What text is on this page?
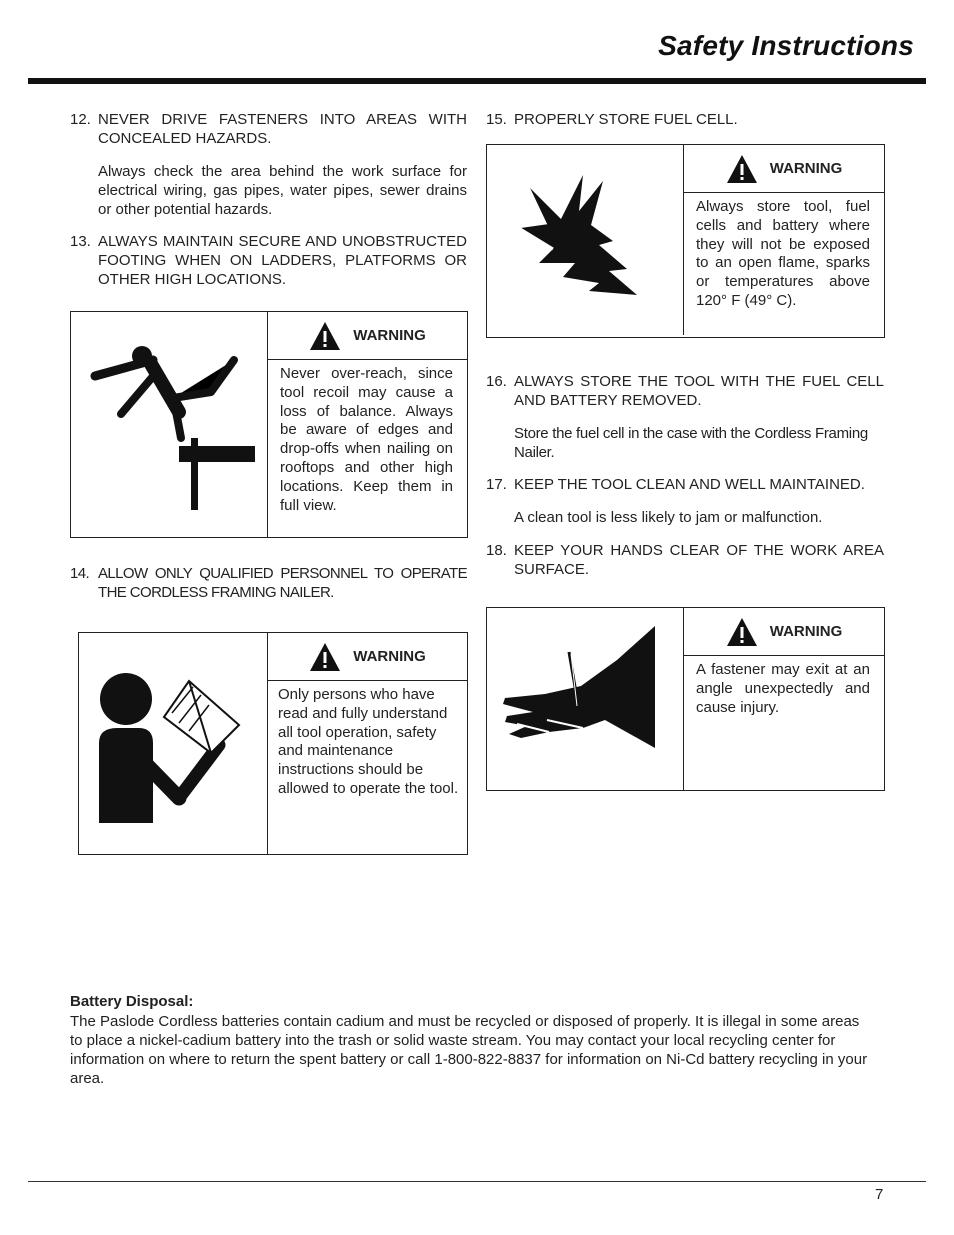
Safety Instructions
12. NEVER DRIVE FASTENERS INTO AREAS WITH CONCEALED HAZARDS.

Always check the area behind the work surface for electrical wiring, gas pipes, water pipes, sewer drains or other potential hazards.

13. ALWAYS MAINTAIN SECURE AND UNOBSTRUCTED FOOTING WHEN ON LADDERS, PLATFORMS OR OTHER HIGH LOCATIONS.
WARNING
Never over-reach, since tool recoil may cause a loss of balance. Always be aware of edges and drop-offs when nailing on rooftops and other high locations. Keep them in full view.
14. ALLOW ONLY QUALIFIED PERSONNEL TO OPERATE THE CORDLESS FRAMING NAILER.
WARNING
Only persons who have read and fully understand all tool operation, safety and maintenance instructions should be allowed to operate the tool.
15. PROPERLY STORE FUEL CELL.
WARNING
Always store tool, fuel cells and battery where they will not be exposed to an open flame, sparks or temperatures above 120° F (49° C).
16. ALWAYS STORE THE TOOL WITH THE FUEL CELL AND BATTERY REMOVED.

Store the fuel cell in the case with the Cordless Framing Nailer.

17. KEEP THE TOOL CLEAN AND WELL MAINTAINED.

A clean tool is less likely to jam or malfunction.

18. KEEP YOUR HANDS CLEAR OF THE WORK AREA SURFACE.
WARNING
A fastener may exit at an angle unexpectedly and cause injury.
Battery Disposal:
The Paslode Cordless batteries contain cadium and must be recycled or disposed of properly. It is illegal in some areas to place a nickel-cadium battery into the trash or solid waste stream. You may contact your local recycling center for information on where to return the spent battery or call 1-800-822-8837 for information on Ni-Cd battery recycling in your area.
7
